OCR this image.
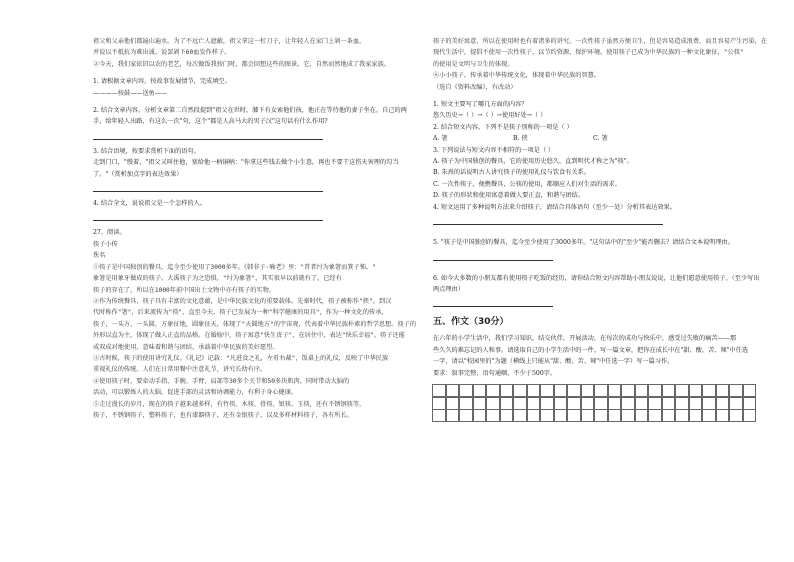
祖父和父亲他们都遍山遍水。为了不远亡人遮蔽，祖父拿这一杠刀子，让年轻人在家门上剁一条血，

并说以不抵抗为难出诚。说罢剁下60血发作样子。

②今天，我们家依旧以农的老艺，每次做饭我按门时，都会回想这些的图景。它，自然而然地成了我家家族。

1. 请根据文章内容，按故事发展情节，完成填空。

————按鼓——送鱼——

2. 结合文章内容，分析文章第二自然段提到"祖父在世时，膝下有女索他们孩，他正在等待他的妻子坐在，自己的两手，给年轻人出路，有这么一次"句，这个"都是人高马大的男子汉"这句话有什么作用?

3. 结合语境，按要求赏析下面的语句。

走到门口，"慢着，"祖父又叫住他，塞给他一柄铜柄："你拿这些钱去做个小生意，再也不要干这伤天害理的勾当了。"（赏析加点字的表达效果）

4. 结合全文，说说祖父是一个怎样的人。

27、阅读。

筷子小传

佚名

①筷子是中国独创的餐具，迄今至少使用了3000多年。《韩非子·喻老》里："昔者纣为象箸而箕子怖。"

象箸是用象牙做成的筷子。大禹筷子为之恐惧，"纣为象箸"，其实很早以前就有了，已经有

筷子的存在了，所以在1000年前中国出土文物中亦有筷子的实物。

②作为传统餐具，筷子具有丰富的文化意蕴，是中华民族文化的重要载体。先秦时代，筷子被称作"挟"。到汉

代时称作"箸"，后来流传为"筷"，直至今天，筷子已发展为一种"科学健康的用具"，作为一种文化的传承，

筷子，一头方，一头圆，方象征地，圆象征天，体现了"天圆地方"的宇宙观，代表着中华民族朴素的哲学思想。筷子的

外形以直为主，体现了做人正直的品格。在婚嫁中，筷子寓意"快生贵子"，在居住中，表达"快乐幸福"。筷子还能

成双成对地使用，意味着和谐与团结，承载着中华民族的美好愿望。

③古时候，筷子的使用讲究礼仪。《礼记》记载："凡进食之礼，左肴右胾"，饭桌上的礼仪，反映了中华民族

重视礼仪的传统。人们在日常用餐中注意礼节，讲究长幼有序。

④使用筷子时，要牵动手指、手腕、手臂、肩部等30多个关节和50多块肌肉，同时带动大脑的

活动，可以锻炼人的大脑，促进手部的灵活和协调能力，有利于身心健康。

⑤走过漫长的岁月，现在的筷子越来越多样，有竹筷、木筷、骨筷、银筷、玉筷，还有不锈钢筷等，

筷子，不锈钢筷子，塑料筷子，也有漆器筷子，还有金银筷子，以及多样材料筷子，各有所长。

筷子的美好寓意，所以在使用时也有着诸多的讲究。一次性筷子虽然方便卫生，但是容易造成浪费，而且容易产生污染，在

现代生活中，提倡不使用一次性筷子，以节约资源，保护环境。使用筷子已成为中华民族的一种文化象征，"公筷"

的使用是文明与卫生的体现。

⑥小小筷子，传承着中华传统文化，体现着中华民族的智慧。

（选自《资料改编》，有改动）

1. 短文主要写了哪几方面的内容？

悠久历史→（ ）→（ ）→使用好处→（ ）

2. 结合短文内容，下列不是筷子别称的一项是（ ）

A. 箸	B. 挟	C. 箸

3. 下列说法与短文内容不相符的一项是（ ）

A. 筷子为中国独创的餐具，它的使用历史悠久，直到明代才称之为"筷"。

B. 朱熹的话说明古人讲究筷子的使用礼仪与饮食有关系。

C. 一次性筷子，便携餐具，公筷的使用，都顺应人们对生活的需求。

D. 筷子的形状和使用寓意着做人要正直，和谐与团结。

4. 短文运用了多种说明方法来介绍筷子，请结合具体语句（至少一处）分析其表达效果。

5. "筷子是中国独创的餐具，迄今至少使用了3000多年。"这句话中的"至少"能否删去？请结合文本说明理由。

6. 如今大多数的小朋友都有使用筷子吃饭的经历，请你结合短文内容帮助小朋友说说，让他们愿意使用筷子。（至少写出两点理由）

五、作文（30分）

在六年的小学生活中，我们学习知识，结交伙伴，开展活动，在每次的成功与快乐中，感受过失败的痛苦——那

些久久的难忘记的人和事。请选取自己的小学生活中的一件，写一篇文章，把你在成长中在"甜、酸、苦、辣"中任选

一字，请以"校园里的"为题（横线上只能从"甜、酸、苦、辣"中任选一字）写一篇习作。

要求：叙事完整，语句通顺，不少于500字。
